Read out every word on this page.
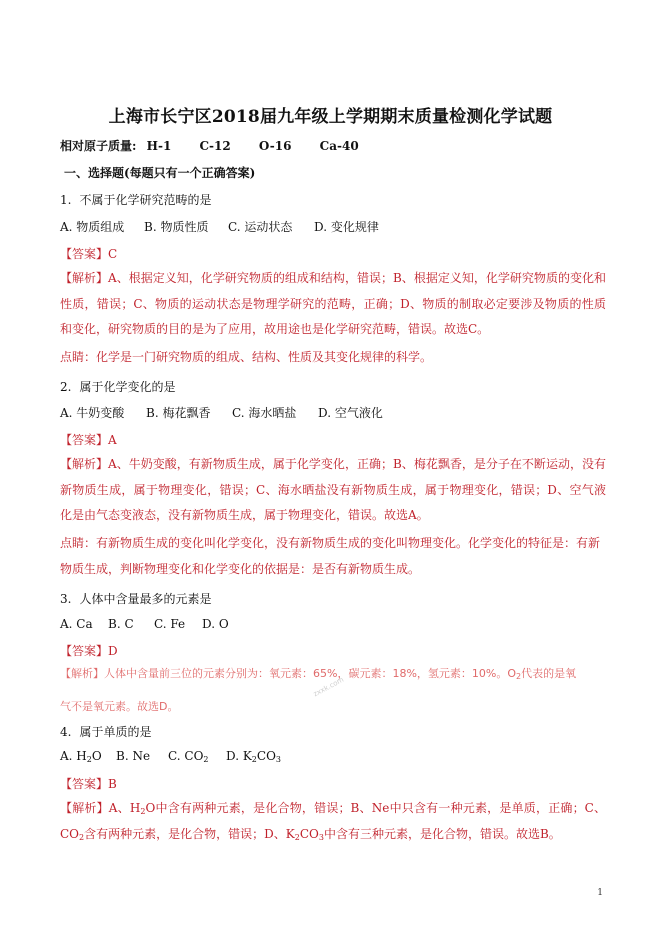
上海市长宁区2018届九年级上学期期末质量检测化学试题
相对原子质量: H-1 C-12 O-16 Ca-40
一、选择题(每题只有一个正确答案)
1. 不属于化学研究范畴的是
A. 物质组成 B. 物质性质 C. 运动状态 D. 变化规律
【答案】C
【解析】A、根据定义知，化学研究物质的组成和结构，错误；B、根据定义知，化学研究物质的变化和性质，错误；C、物质的运动状态是物理学研究的范畴，正确；D、物质的制取必定要涉及物质的性质和变化，研究物质的目的是为了应用，故用途也是化学研究范畴，错误。故选C。
点睛：化学是一门研究物质的组成、结构、性质及其变化规律的科学。
2. 属于化学变化的是
A. 牛奶变酸 B. 梅花飘香 C. 海水晒盐 D. 空气液化
【答案】A
【解析】A、牛奶变酸，有新物质生成，属于化学变化，正确；B、梅花飘香，是分子在不断运动，没有新物质生成，属于物理变化，错误；C、海水晒盐没有新物质生成，属于物理变化，错误；D、空气液化是由气态变液态，没有新物质生成，属于物理变化，错误。故选A。
点睛：有新物质生成的变化叫化学变化，没有新物质生成的变化叫物理变化。化学变化的特征是：有新物质生成，判断物理变化和化学变化的依据是：是否有新物质生成。
3. 人体中含量最多的元素是
A. Ca B. C C. Fe D. O
【答案】D
【解析】人体中含量前三位的元素分别为：氧元素：65%，碳元素：18%，氢元素：10%。$O_2$代表的是氧
zxxk.com
气不是氧元素。故选D。
4. 属于单质的是
A. $H_2O$ B. Ne C. $CO_2$ D. $K_2CO_3$
【答案】B
【解析】A、$H_2O$中含有两种元素，是化合物，错误；B、Ne中只含有一种元素，是单质，正确；C、$CO_2$含有两种元素，是化合物，错误；D、$K_2CO_3$中含有三种元素，是化合物，错误。故选B。
1
